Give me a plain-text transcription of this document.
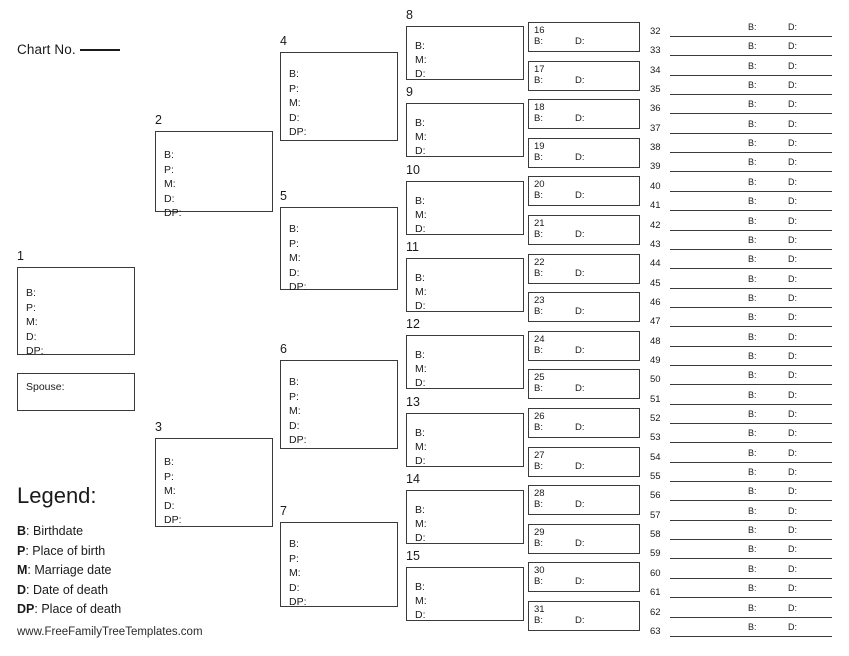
Chart No.
1
B:
P:
M:
D:
DP:
Spouse:
2
B:
P:
M:
D:
DP:
3
B:
P:
M:
D:
DP:
4
B:
P:
M:
D:
DP:
5
B:
P:
M:
D:
DP:
6
B:
P:
M:
D:
DP:
7
B:
P:
M:
D:
DP:
8
B:
M:
D:
9
B:
M:
D:
10
B:
M:
D:
11
B:
M:
D:
12
B:
M:
D:
13
B:
M:
D:
14
B:
M:
D:
15
B:
M:
D:
16
B:	D:
17
B:	D:
18
B:	D:
19
B:	D:
20
B:	D:
21
B:	D:
22
B:	D:
23
B:	D:
24
B:	D:
25
B:	D:
26
B:	D:
27
B:	D:
28
B:	D:
29
B:	D:
30
B:	D:
31
B:	D:
32	B:	D:
33	B:	D:
34	B:	D:
35	B:	D:
36	B:	D:
37	B:	D:
38	B:	D:
39	B:	D:
40	B:	D:
41	B:	D:
42	B:	D:
43	B:	D:
44	B:	D:
45	B:	D:
46	B:	D:
47	B:	D:
48	B:	D:
49	B:	D:
50	B:	D:
51	B:	D:
52	B:	D:
53	B:	D:
54	B:	D:
55	B:	D:
56	B:	D:
57	B:	D:
58	B:	D:
59	B:	D:
60	B:	D:
61	B:	D:
62	B:	D:
63	B:	D:
Legend:
B: Birthdate
P: Place of birth
M: Marriage date
D: Date of death
DP: Place of death
www.FreeFamilyTreeTemplates.com
